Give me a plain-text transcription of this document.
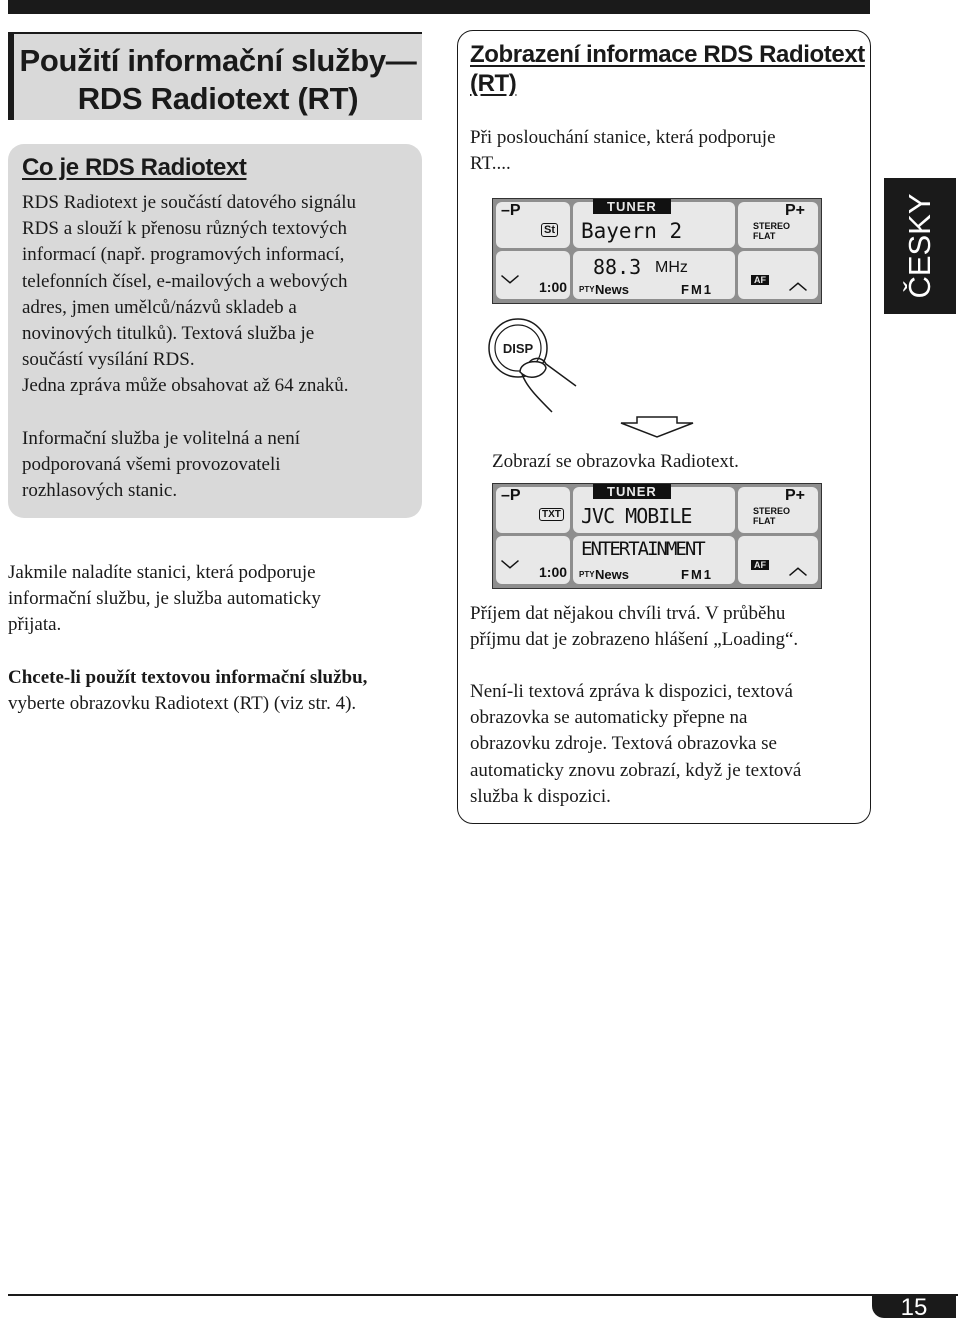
Použití informační služby—
RDS Radiotext (RT)
Co je RDS Radiotext
RDS Radiotext je součástí datového signálu
RDS a slouží k přenosu různých textových
informací (např. programových informací,
telefonních čísel, e-mailových a webových
adres, jmen umělců/názvů skladeb a
novinových titulků). Textová služba je
součástí vysílání RDS.
Jedna zpráva může obsahovat až 64 znaků.
Informační služba je volitelná a není
podporovaná všemi provozovateli
rozhlasových stanic.
Jakmile naladíte stanici, která podporuje
informační službu, je služba automaticky
přijata.
Chcete-li použít textovou informační službu,
vyberte obrazovku Radiotext (RT) (viz str. 4).
Zobrazení informace RDS Radiotext
(RT)
Při poslouchání stanice, která podporuje
RT....
–P
St
TUNER
Bayern 2
P+
STEREO
FLAT
﹀ 1:00
88.3 MHz
PTY News	FM1
AF ︿
DISP
Zobrazí se obrazovka Radiotext.
–P
TXT
TUNER
JVC MOBILE
P+
STEREO
FLAT
﹀ 1:00
ENTERTAINMENT
PTY News	FM1
AF ︿
Příjem dat nějakou chvíli trvá. V průběhu
příjmu dat je zobrazeno hlášení „Loading“.
Není-li textová zpráva k dispozici, textová
obrazovka se automaticky přepne na
obrazovku zdroje. Textová obrazovka se
automaticky znovu zobrazí, když je textová
služba k dispozici.
ČESKY
15
